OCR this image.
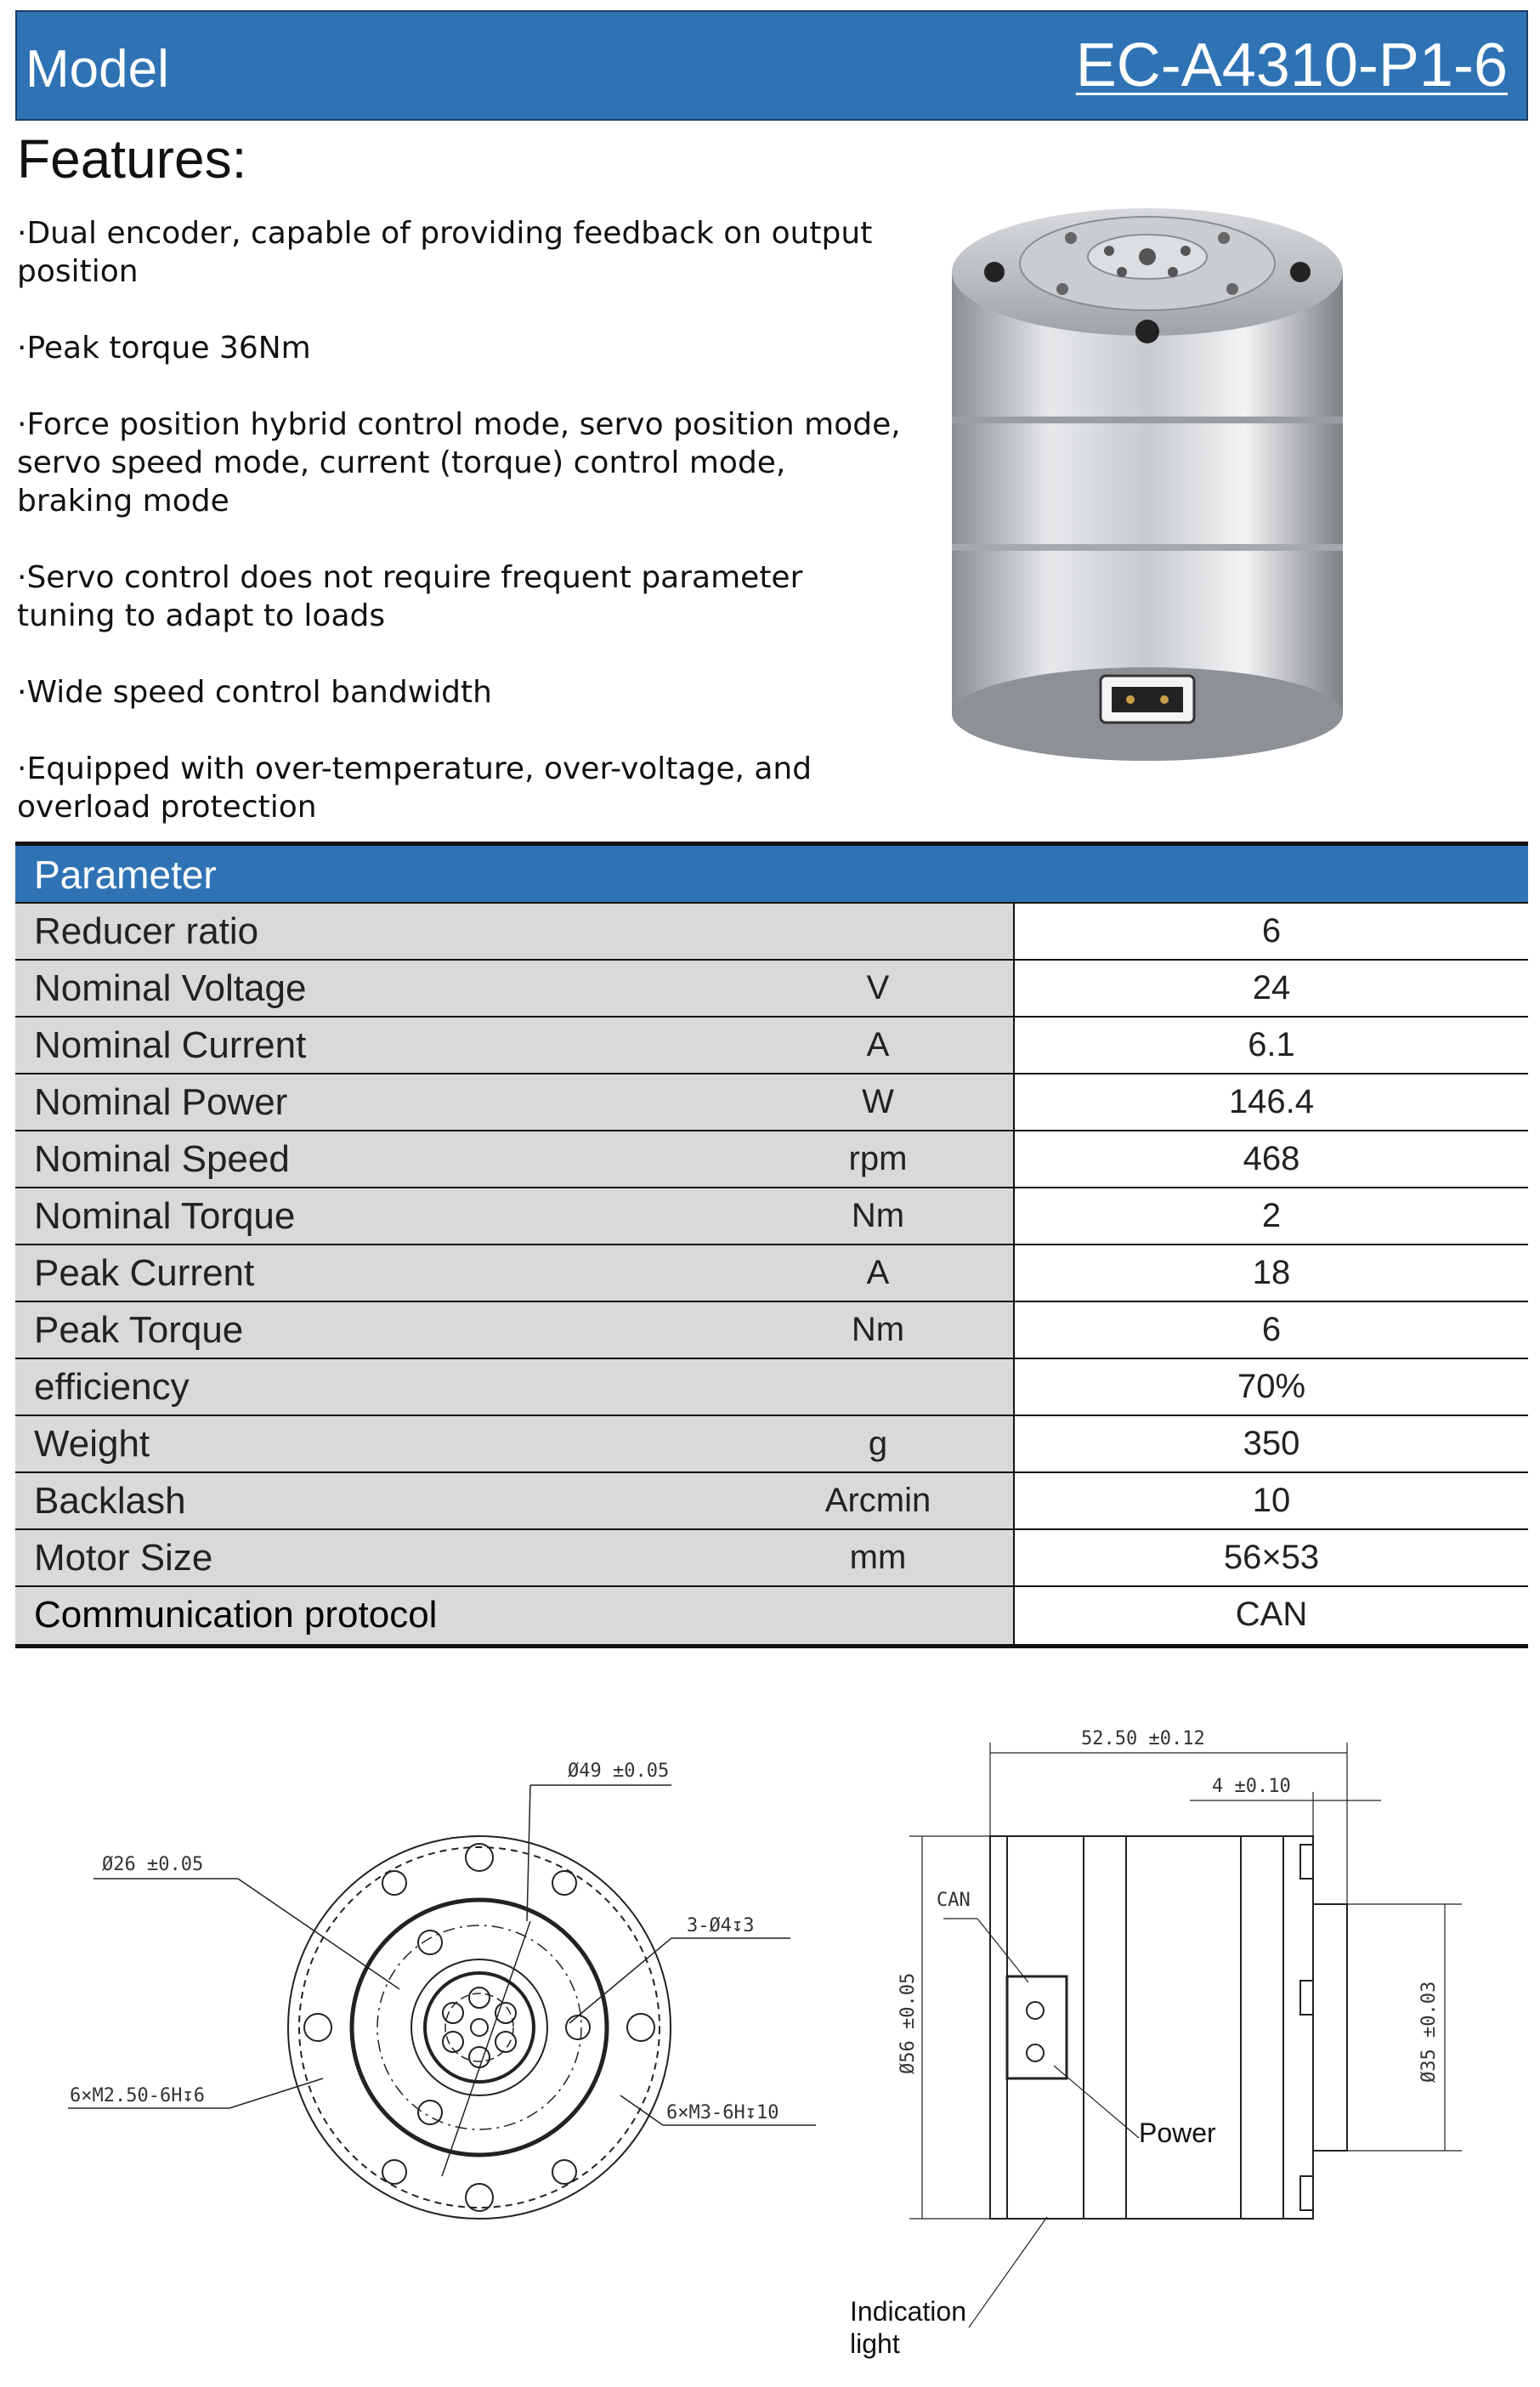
Model	EC-A4310-P1-6
Features:
·Dual encoder, capable of providing feedback on output position
·Peak torque 36Nm
·Force position hybrid control mode, servo position mode, servo speed mode, current (torque) control mode, braking mode
·Servo control does not require frequent parameter tuning to adapt to loads
·Wide speed control bandwidth
·Equipped with over-temperature, over-voltage, and overload protection
Parameter
Reducer ratio	6
Nominal Voltage	V	24
Nominal Current	A	6.1
Nominal Power	W	146.4
Nominal Speed	rpm	468
Nominal Torque	Nm	2
Peak Current	A	18
Peak Torque	Nm	6
efficiency	70%
Weight	g	350
Backlash	Arcmin	10
Motor Size	mm	56×53
Communication protocol	CAN
Ø49 ±0.05
Ø26 ±0.05
3-Ø4↧3
6×M2.50-6H↧6
6×M3-6H↧10
52.50 ±0.12
4 ±0.10
Ø56 ±0.05	Ø35 ±0.03
CAN
Power
Indication
light
